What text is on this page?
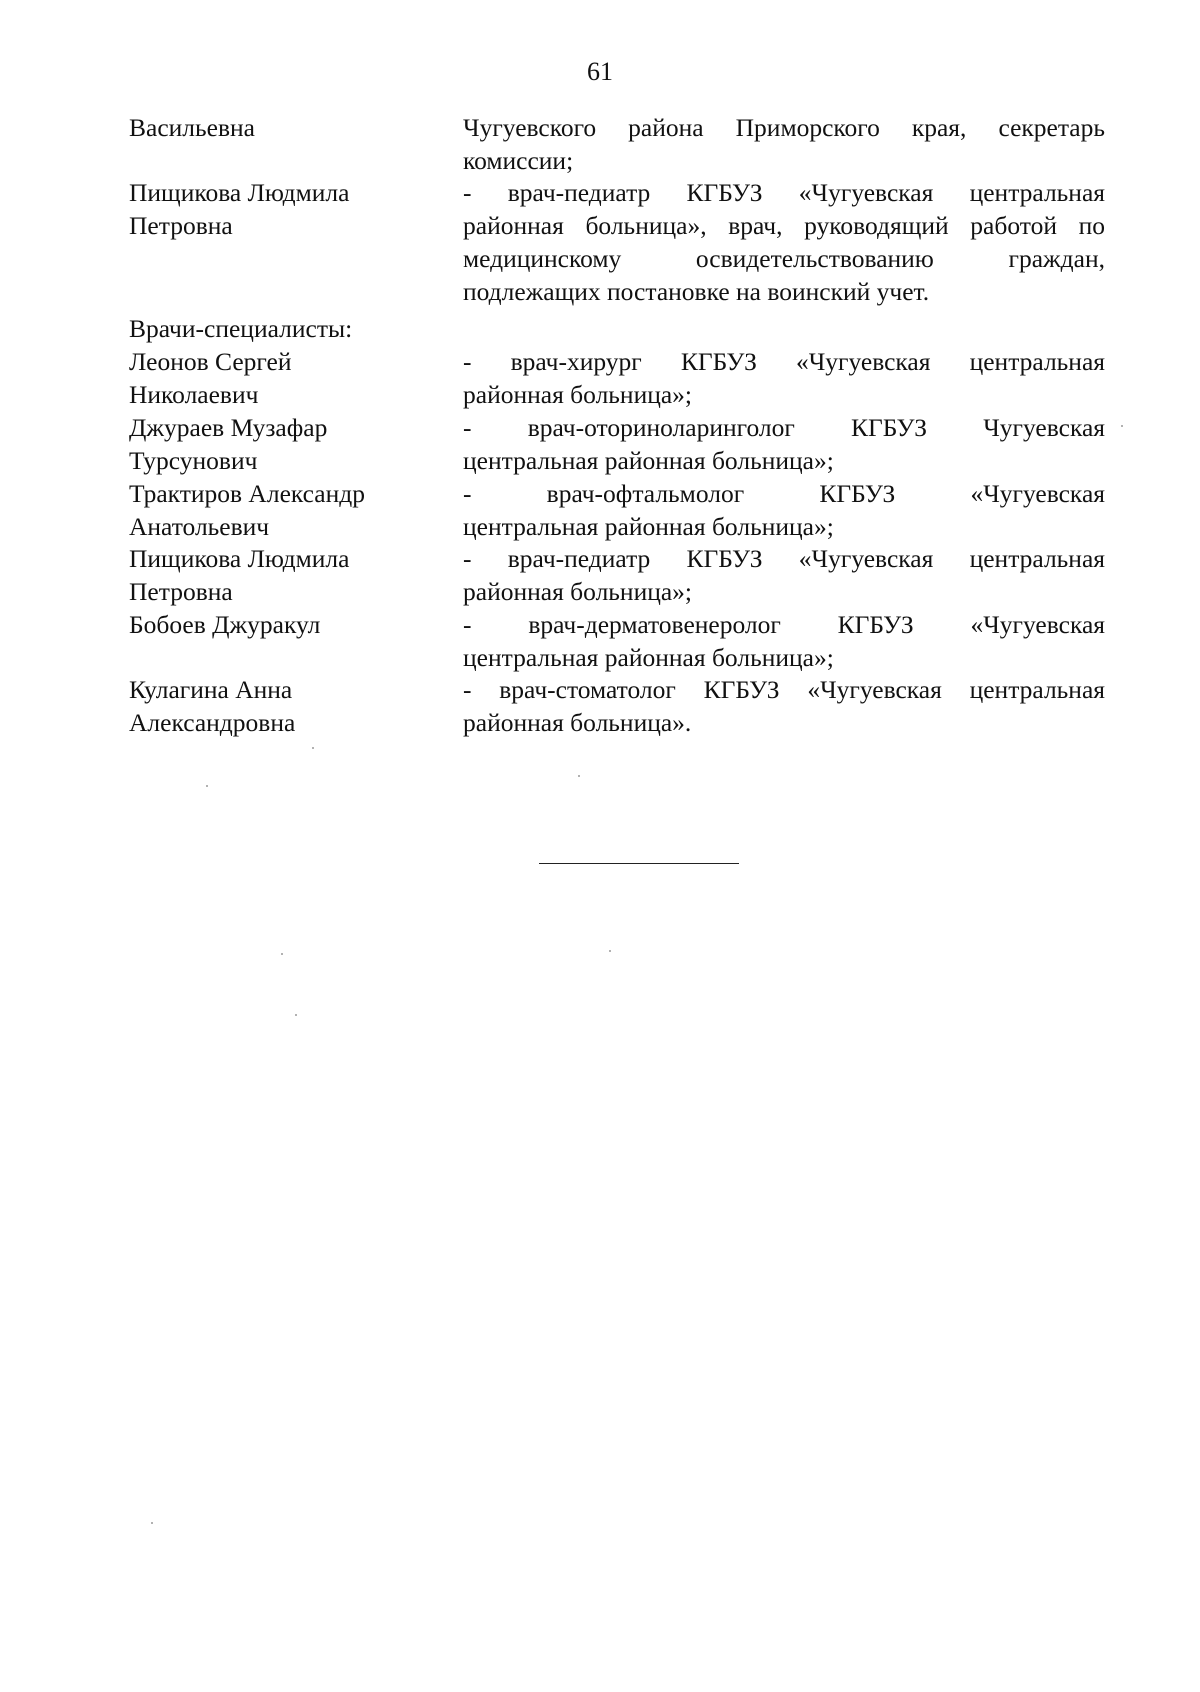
61
Васильевна	Чугуевского района Приморского края, секретарь
комиссии;
Пищикова Людмила
Петровна
- врач-педиатр КГБУЗ «Чугуевская центральная
районная больница», врач, руководящий работой по
медицинскому освидетельствованию граждан,
подлежащих постановке на воинский учет.
Врачи-специалисты:
Леонов Сергей
Николаевич
- врач-хирург КГБУЗ «Чугуевская центральная
районная больница»;
Джураев Музафар
Турсунович
- врач-оториноларинголог КГБУЗ Чугуевская
центральная районная больница»;
Трактиров Александр
Анатольевич
- врач-офтальмолог КГБУЗ «Чугуевская
центральная районная больница»;
Пищикова Людмила
Петровна
- врач-педиатр КГБУЗ «Чугуевская центральная
районная больница»;
Бобоев Джуракул	- врач-дерматовенеролог КГБУЗ «Чугуевская
центральная районная больница»;
Кулагина Анна
Александровна
- врач-стоматолог КГБУЗ «Чугуевская центральная
районная больница».
